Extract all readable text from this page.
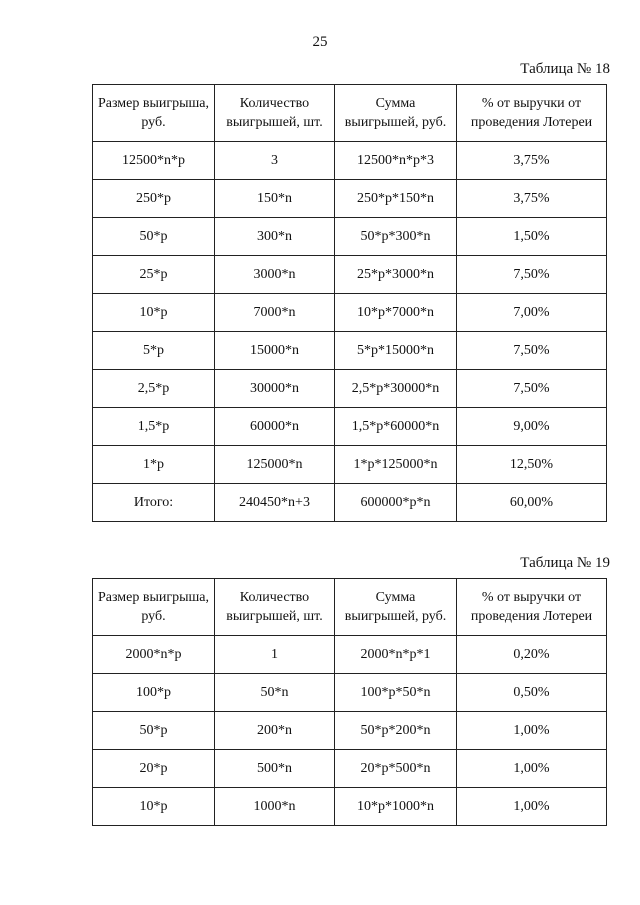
25
Таблица № 18
Размер выигрыша, руб.	Количество выигрышей, шт.	Сумма выигрышей, руб.	% от выручки от проведения Лотереи
12500*n*p	3	12500*n*p*3	3,75%
250*p	150*n	250*p*150*n	3,75%
50*p	300*n	50*p*300*n	1,50%
25*p	3000*n	25*p*3000*n	7,50%
10*p	7000*n	10*p*7000*n	7,00%
5*p	15000*n	5*p*15000*n	7,50%
2,5*p	30000*n	2,5*p*30000*n	7,50%
1,5*p	60000*n	1,5*p*60000*n	9,00%
1*p	125000*n	1*p*125000*n	12,50%
Итого:	240450*n+3	600000*p*n	60,00%
Таблица № 19
Размер выигрыша, руб.	Количество выигрышей, шт.	Сумма выигрышей, руб.	% от выручки от проведения Лотереи
2000*n*p	1	2000*n*p*1	0,20%
100*p	50*n	100*p*50*n	0,50%
50*p	200*n	50*p*200*n	1,00%
20*p	500*n	20*p*500*n	1,00%
10*p	1000*n	10*p*1000*n	1,00%
